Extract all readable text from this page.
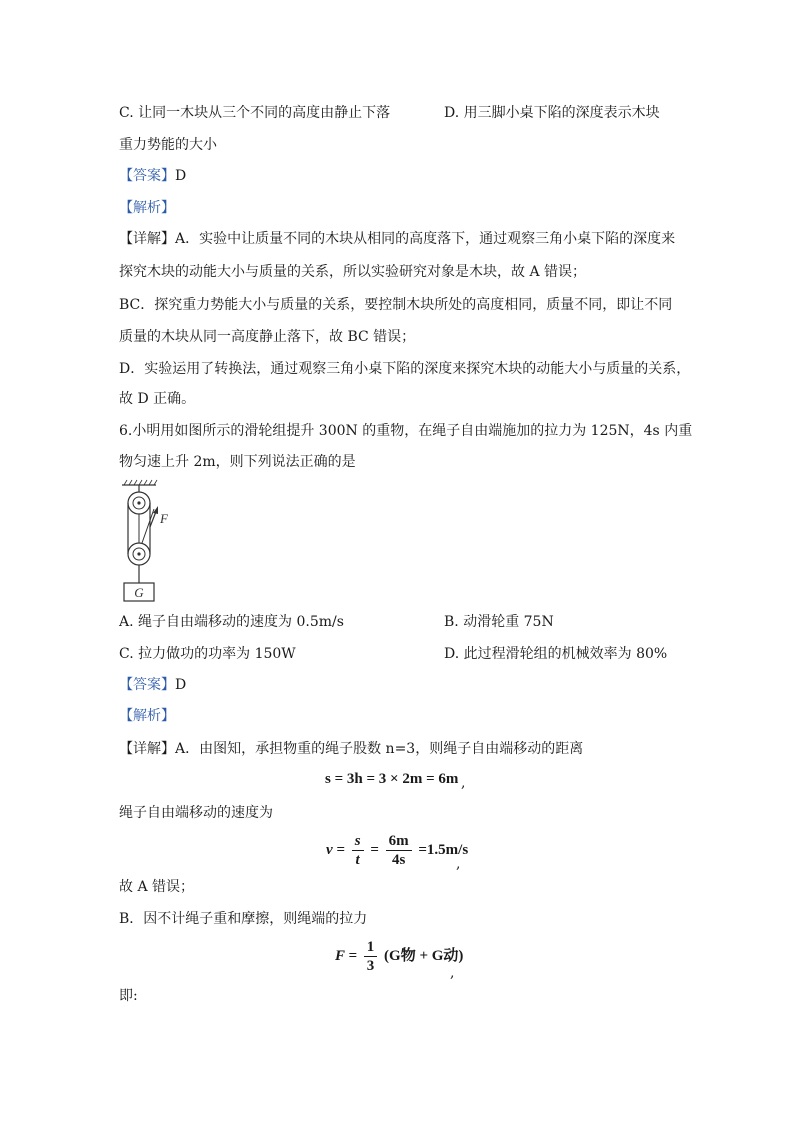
C. 让同一木块从三个不同的高度由静止下落	D. 用三脚小桌下陷的深度表示木块
重力势能的大小
【答案】D
【解析】
【详解】A．实验中让质量不同的木块从相同的高度落下，通过观察三角小桌下陷的深度来
探究木块的动能大小与质量的关系，所以实验研究对象是木块，故 A 错误；
BC．探究重力势能大小与质量的关系，要控制木块所处的高度相同，质量不同，即让不同
质量的木块从同一高度静止落下，故 BC 错误；
D．实验运用了转换法，通过观察三角小桌下陷的深度来探究木块的动能大小与质量的关系，
故 D 正确。
6.小明用如图所示的滑轮组提升 300N 的重物，在绳子自由端施加的拉力为 125N，4s 内重
物匀速上升 2m，则下列说法正确的是
F
G
A. 绳子自由端移动的速度为 0.5m/s	B. 动滑轮重 75N
C. 拉力做功的功率为 150W	D. 此过程滑轮组的机械效率为 80%
【答案】D
【解析】
【详解】A．由图知，承担物重的绳子股数 n=3，则绳子自由端移动的距离
s = 3h = 3 × 2m = 6m ,
绳子自由端移动的速度为
$v = \frac{s}{t} = \frac{6m}{4s} =1.5m/s$
,
故 A 错误；
B．因不计绳子重和摩擦，则绳端的拉力
$F = \frac{1}{3} (G$物 + G动)
,
即:
